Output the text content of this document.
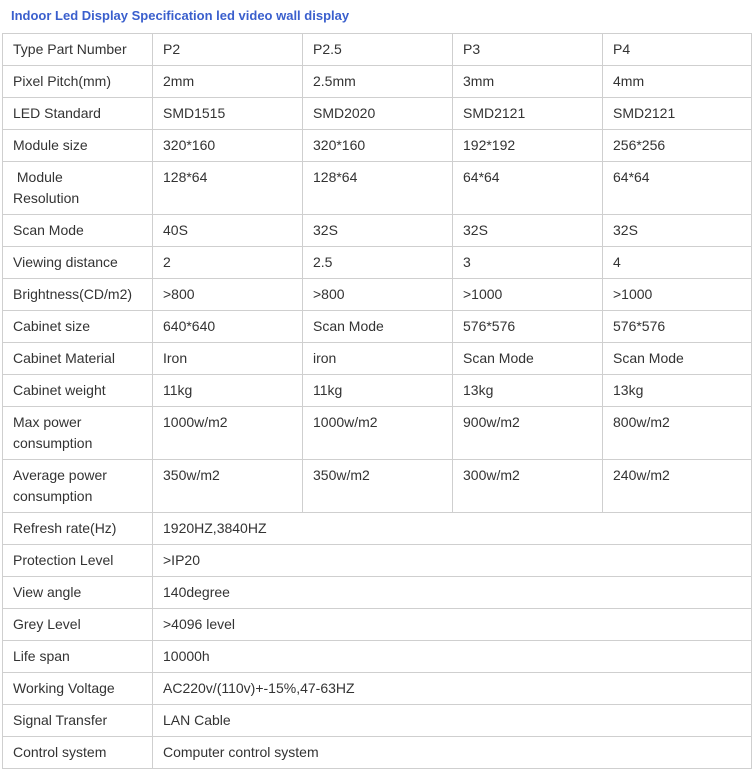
Indoor Led Display Specification led video wall display
Type Part Number	P2	P2.5	P3	P4
Pixel Pitch(mm)	2mm	2.5mm	3mm	4mm
LED Standard	SMD1515	SMD2020	SMD2121	SMD2121
Module size	320*160	320*160	192*192	256*256
Module
Resolution	128*64	128*64	64*64	64*64
Scan Mode	40S	32S	32S	32S
Viewing distance	2	2.5	3	4
Brightness(CD/m2)	>800	>800	>1000	>1000
Cabinet size	640*640	Scan Mode	576*576	576*576
Cabinet Material	Iron	iron	Scan Mode	Scan Mode
Cabinet weight	11kg	11kg	13kg	13kg
Max power
consumption	1000w/m2	1000w/m2	900w/m2	800w/m2
Average power
consumption	350w/m2	350w/m2	300w/m2	240w/m2
Refresh rate(Hz)	1920HZ,3840HZ			
Protection Level	>IP20			
View angle	140degree			
Grey Level	>4096 level			
Life span	10000h			
Working Voltage	AC220v/(110v)+-15%,47-63HZ			
Signal Transfer	LAN Cable			
Control system	Computer control system			
